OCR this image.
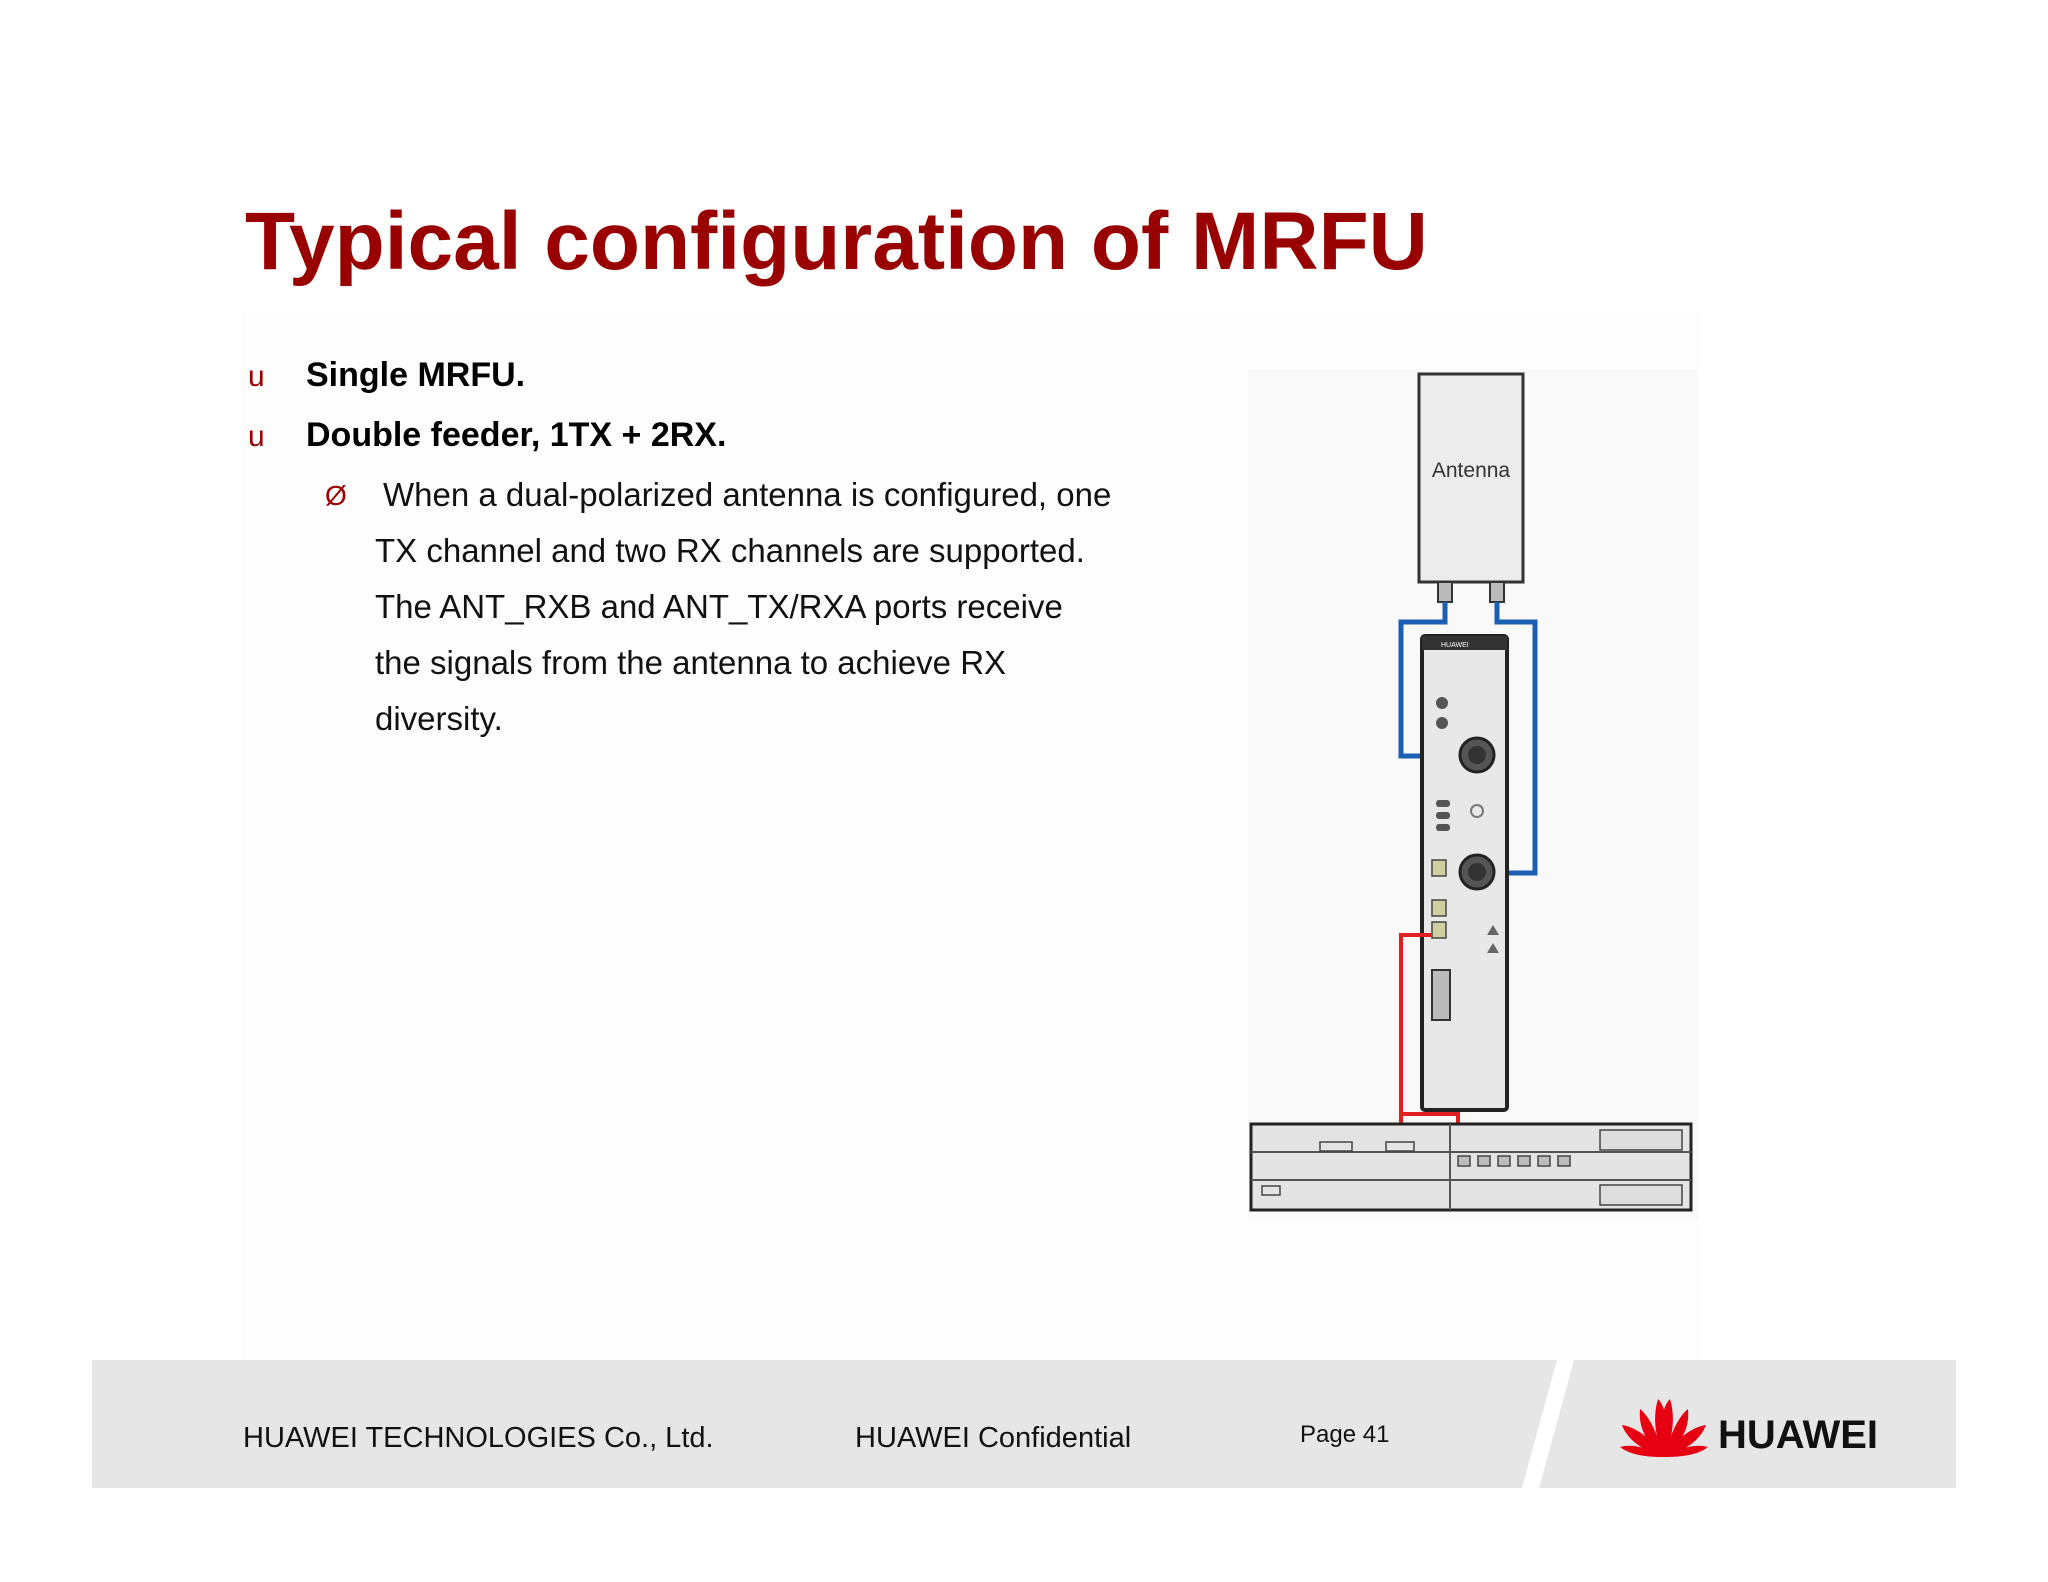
Typical configuration of MRFU
u Single MRFU.
u Double feeder, 1TX + 2RX.
Ø When a dual-polarized antenna is configured, one
TX channel and two RX channels are supported.
The ANT_RXB and ANT_TX/RXA ports receive
the signals from the antenna to achieve RX
diversity.
Antenna
HUAWEI
HUAWEI TECHNOLOGIES Co., Ltd.	HUAWEI Confidential	Page 41	HUAWEI
